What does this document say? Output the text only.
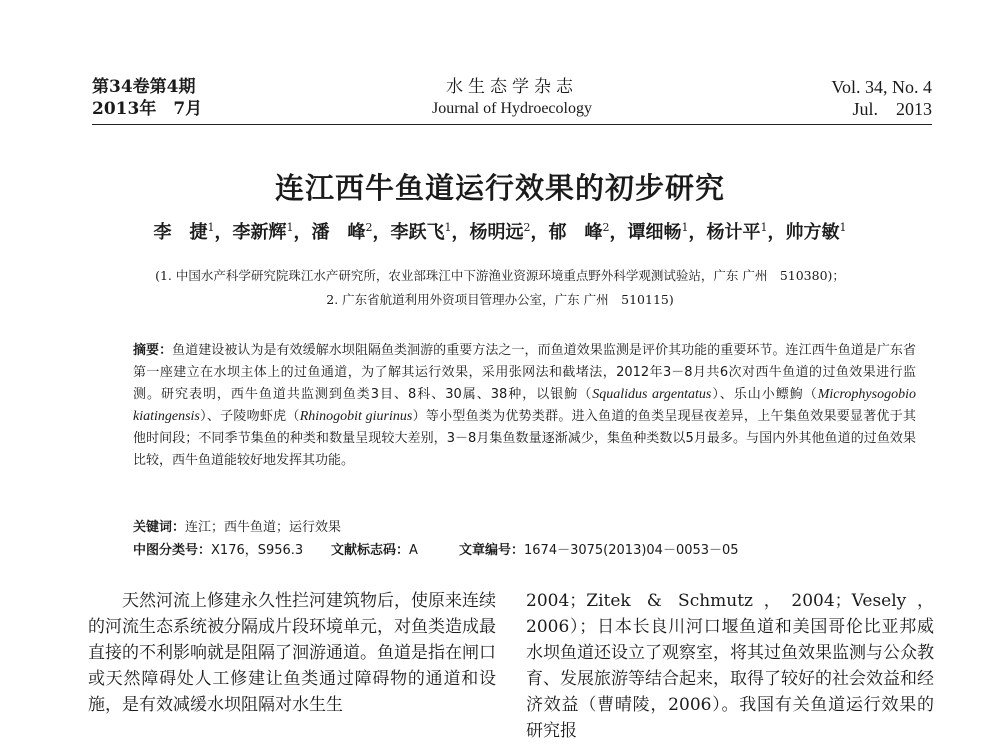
第34卷第4期
2013年　7月
水生态学杂志
Journal of Hydroecology
Vol. 34, No. 4
Jul.　2013
连江西牛鱼道运行效果的初步研究
李　捷$^1$，李新辉$^1$，潘　峰$^2$，李跃飞$^1$，杨明远$^2$，郁　峰$^2$，谭细畅$^1$，杨计平$^1$，帅方敏$^1$
(1. 中国水产科学研究院珠江水产研究所，农业部珠江中下游渔业资源环境重点野外科学观测试验站，广东 广州　510380)；
2. 广东省航道利用外资项目管理办公室，广东 广州　510115)
摘要：鱼道建设被认为是有效缓解水坝阻隔鱼类洄游的重要方法之一，而鱼道效果监测是评价其功能的重要环节。连江西牛鱼道是广东省第一座建立在水坝主体上的过鱼通道，为了解其运行效果，采用张网法和截堵法，2012年3－8月共6次对西牛鱼道的过鱼效果进行监测。研究表明，西牛鱼道共监测到鱼类3目、8科、30属、38种，以银鮈（Squalidus argentatus）、乐山小鳔鮈（Microphysogobio kiatingensis）、子陵吻虾虎（Rhinogobit giurinus）等小型鱼类为优势类群。进入鱼道的鱼类呈现昼夜差异，上午集鱼效果要显著优于其他时间段；不同季节集鱼的种类和数量呈现较大差别，3－8月集鱼数量逐渐减少，集鱼种类数以5月最多。与国内外其他鱼道的过鱼效果比较，西牛鱼道能较好地发挥其功能。
关键词：连江；西牛鱼道；运行效果
中图分类号：X176，S956.3 文献标志码：A	文章编号：1674－3075(2013)04－0053－05
　　天然河流上修建永久性拦河建筑物后，使原来连续的河流生态系统被分隔成片段环境单元，对鱼类造成最直接的不利影响就是阻隔了洄游通道。鱼道是指在闸口或天然障碍处人工修建让鱼类通过障碍物的通道和设施，是有效减缓水坝阻隔对水生生
2004；Zitek & Schmutz，2004；Vesely，2006）；日本长良川河口堰鱼道和美国哥伦比亚邦威水坝鱼道还设立了观察室，将其过鱼效果监测与公众教育、发展旅游等结合起来，取得了较好的社会效益和经济效益（曹晴陵，2006）。我国有关鱼道运行效果的研究报
